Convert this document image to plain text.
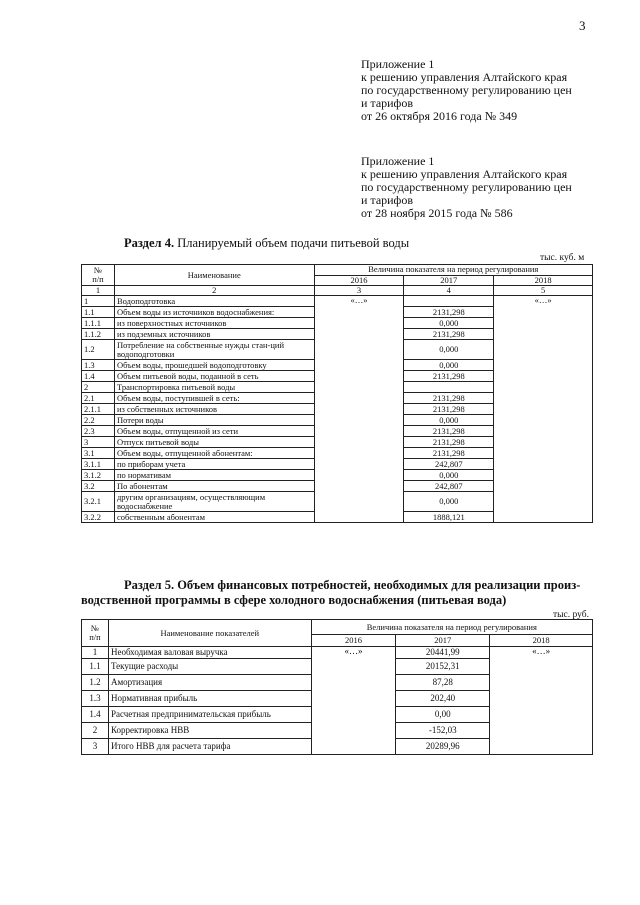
3
Приложение 1
к решению управления Алтайского края
по государственному регулированию цен
и тарифов
от 26 октября 2016 года № 349
Приложение 1
к решению управления Алтайского края
по государственному регулированию цен
и тарифов
от 28 ноября 2015 года № 586
Раздел 4. Планируемый объем подачи питьевой воды
тыс. куб. м
№
п/п	Наименование	Величина показателя на период регулирования		
		2016	2017	2018
1	2	3	4	5
1	Водоподготовка	«…»		«…»
1.1	Объем воды из источников водоснабжения:		2131,298	
1.1.1	из поверхностных источников		0,000	
1.1.2	из подземных источников		2131,298	
1.2	Потребление на собственные нужды стан-ций водоподготовки		0,000	
1.3	Объем воды, прошедшей водоподготовку		0,000	
1.4	Объем питьевой воды, поданной в сеть		2131,298	
2	Транспортировка питьевой воды			
2.1	Объем воды, поступившей в сеть:		2131,298	
2.1.1	из собственных источников		2131,298	
2.2	Потери воды		0,000	
2.3	Объем воды, отпущенной из сети		2131,298	
3	Отпуск питьевой воды		2131,298	
3.1	Объем воды, отпущенной абонентам:		2131,298	
3.1.1	по приборам учета		242,807	
3.1.2	по нормативам		0,000	
3.2	По абонентам		242,807	
3.2.1	другим организациям, осуществляющим водоснабжение		0,000	
3.2.2	собственным абонентам		1888,121	
Раздел 5. Объем финансовых потребностей, необходимых для реализации произ-
водственной программы в сфере холодного водоснабжения (питьевая вода)
тыс. руб.
№
п/п	Наименование показателей	Величина показателя на период регулирования		
		2016	2017	2018
1	Необходимая валовая выручка	«…»	20441,99	«…»
1.1	Текущие расходы		20152,31	
1.2	Амортизация		87,28	
1.3	Нормативная прибыль		202,40	
1.4	Расчетная предпринимательская прибыль		0,00	
2	Корректировка НВВ		-152,03	
3	Итого НВВ для расчета тарифа		20289,96	
